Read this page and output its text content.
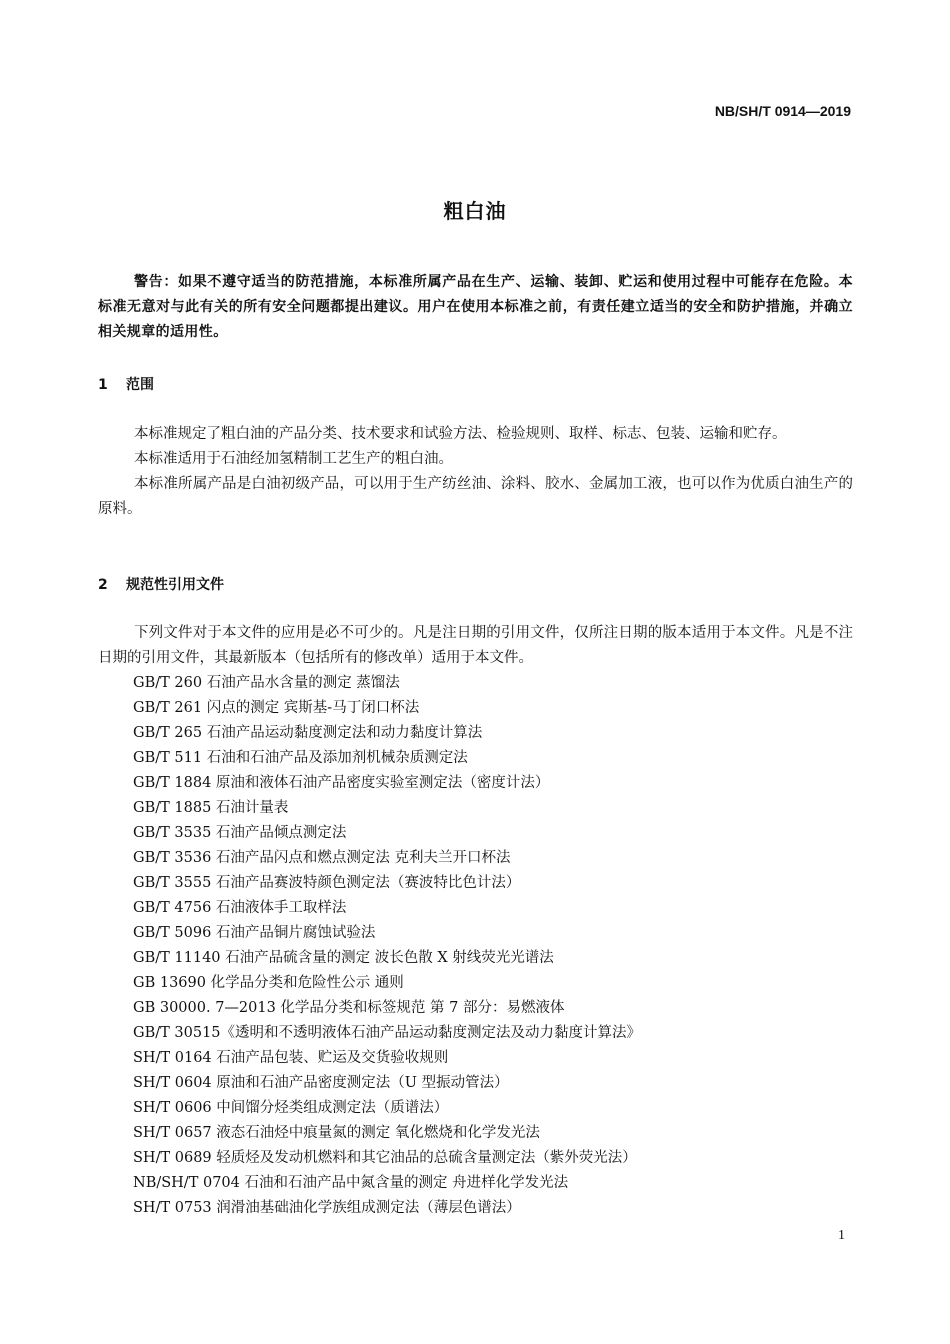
NB/SH/T 0914—2019
粗白油

警告：如果不遵守适当的防范措施，本标准所属产品在生产、运输、装卸、贮运和使用过程中可能存在危险。本标准无意对与此有关的所有安全问题都提出建议。用户在使用本标准之前，有责任建立适当的安全和防护措施，并确立相关规章的适用性。

1 范围

本标准规定了粗白油的产品分类、技术要求和试验方法、检验规则、取样、标志、包装、运输和贮存。

本标准适用于石油经加氢精制工艺生产的粗白油。

本标准所属产品是白油初级产品，可以用于生产纺丝油、涂料、胶水、金属加工液，也可以作为优质白油生产的原料。

2 规范性引用文件

下列文件对于本文件的应用是必不可少的。凡是注日期的引用文件，仅所注日期的版本适用于本文件。凡是不注日期的引用文件，其最新版本（包括所有的修改单）适用于本文件。

GB/T 260 石油产品水含量的测定 蒸馏法
GB/T 261 闪点的测定 宾斯基-马丁闭口杯法
GB/T 265 石油产品运动黏度测定法和动力黏度计算法
GB/T 511 石油和石油产品及添加剂机械杂质测定法
GB/T 1884 原油和液体石油产品密度实验室测定法（密度计法）
GB/T 1885 石油计量表
GB/T 3535 石油产品倾点测定法
GB/T 3536 石油产品闪点和燃点测定法 克利夫兰开口杯法
GB/T 3555 石油产品赛波特颜色测定法（赛波特比色计法）
GB/T 4756 石油液体手工取样法
GB/T 5096 石油产品铜片腐蚀试验法
GB/T 11140 石油产品硫含量的测定 波长色散 X 射线荧光光谱法
GB 13690 化学品分类和危险性公示 通则
GB 30000. 7—2013 化学品分类和标签规范 第 7 部分：易燃液体
GB/T 30515《透明和不透明液体石油产品运动黏度测定法及动力黏度计算法》
SH/T 0164 石油产品包装、贮运及交货验收规则
SH/T 0604 原油和石油产品密度测定法（U 型振动管法）
SH/T 0606 中间馏分烃类组成测定法（质谱法）
SH/T 0657 液态石油烃中痕量氮的测定 氧化燃烧和化学发光法
SH/T 0689 轻质烃及发动机燃料和其它油品的总硫含量测定法（紫外荧光法）
NB/SH/T 0704 石油和石油产品中氮含量的测定 舟进样化学发光法
SH/T 0753 润滑油基础油化学族组成测定法（薄层色谱法）
1
